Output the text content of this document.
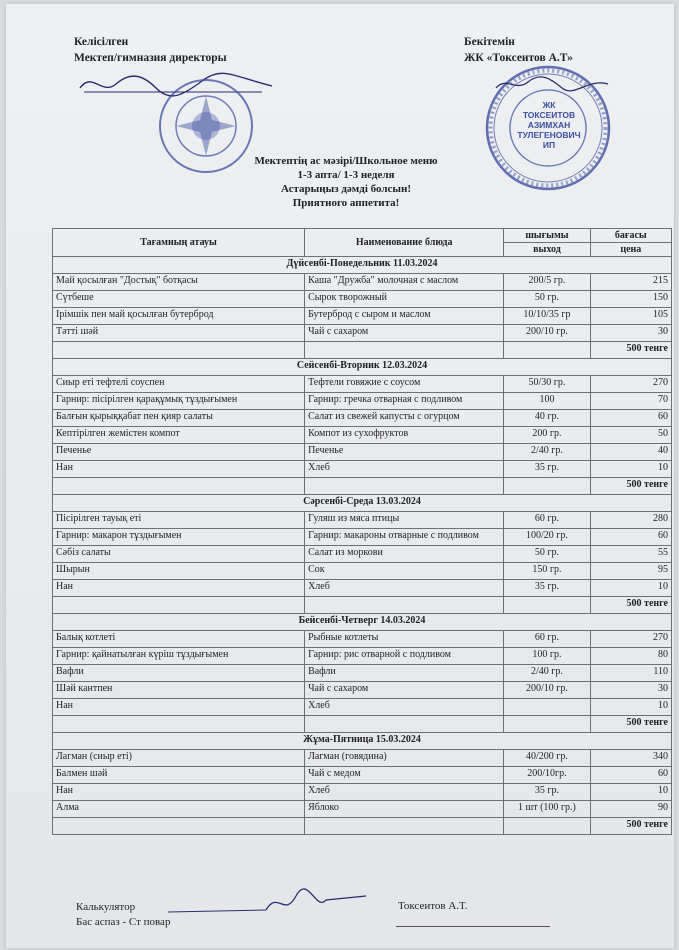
Келісілген
Мектеп/гимназия директоры
Бекітемін
ЖК «Токсеитов А.Т»
ЖК
ТОКСЕИТОВ
АЗИМХАН
ТУЛЕГЕНОВИЧ
ИП
Мектептің ас мәзірі/Школьное меню
1-3 апта/ 1-3 неделя
Астарыңыз дәмді болсын!
Приятного аппетита!
Тағамның атауы	Наименование блюда	шығымы	бағасы
		выход	цена
Дүйсенбі-Понедельник 11.03.2024			
Май қосылған "Достық" ботқасы	Каша "Дружба" молочная с маслом	200/5 гр.	215
Сүтбеше	Сырок творожный	50 гр.	150
Ірімшік пен май қосылған бутерброд	Бутерброд с сыром и маслом	10/10/35 гр	105
Тәтті шәй	Чай с сахаром	200/10 гр.	30
			500 тенге
Сейсенбі-Вторник 12.03.2024			
Сиыр еті тефтелі соуспен	Тефтели говяжие с соусом	50/30 гр.	270
Гарнир: пісірілген қарақұмық тұздығымен	Гарнир: гречка отварная с подливом	100	70
Балғын қырыққабат пен қияр салаты	Салат из свежей капусты с огурцом	40 гр.	60
Кептірілген жемістен компот	Компот из сухофруктов	200 гр.	50
Печенье	Печенье	2/40 гр.	40
Нан	Хлеб	35 гр.	10
			500 тенге
Сәрсенбі-Среда 13.03.2024			
Пісірілген тауық еті	Гуляш из мяса птицы	60 гр.	280
Гарнир: макарон тұздығымен	Гарнир: макароны отварные с подливом	100/20 гр.	60
Сәбіз салаты	Салат из моркови	50 гр.	55
Шырын	Сок	150 гр.	95
Нан	Хлеб	35 гр.	10
			500 тенге
Бейсенбі-Четверг 14.03.2024			
Балық котлеті	Рыбные котлеты	60 гр.	270
Гарнир: қайнатылған күріш тұздығымен	Гарнир: рис отварной с подливом	100 гр.	80
Вафли	Вафли	2/40 гр.	110
Шәй кантпен	Чай с сахаром	200/10 гр.	30
Нан	Хлеб		10
			500 тенге
Жұма-Пятница 15.03.2024			
Лагман (сиыр еті)	Лагман (говядина)	40/200 гр.	340
Балмен шәй	Чай с медом	200/10гр.	60
Нан	Хлеб	35 гр.	10
Алма	Яблоко	1 шт (100 гр.)	90
			500 тенге
Калькулятор
Бас аспаз - Ст повар
Токсеитов А.Т.
